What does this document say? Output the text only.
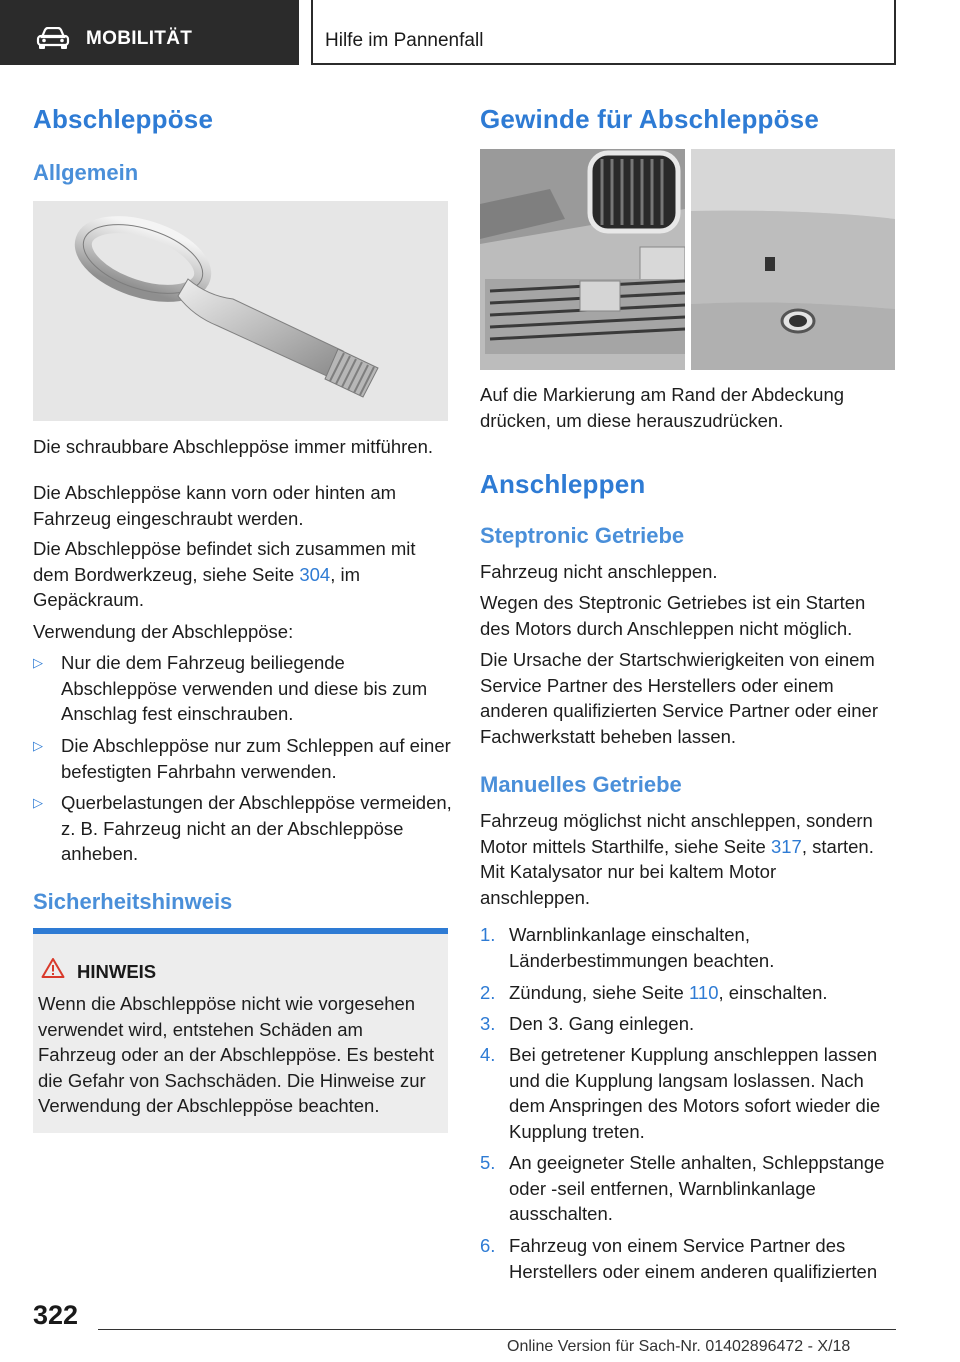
MOBILITÄT	Hilfe im Pannenfall
Abschleppöse
Allgemein
Die schraubbare Abschleppöse immer mitführen.
Die Abschleppöse kann vorn oder hinten am Fahrzeug eingeschraubt werden.
Die Abschleppöse befindet sich zusammen mit dem Bordwerkzeug, siehe Seite 304, im Gepäckraum.
Verwendung der Abschleppöse:
▷ Nur die dem Fahrzeug beiliegende Abschleppöse verwenden und diese bis zum Anschlag fest einschrauben.
▷ Die Abschleppöse nur zum Schleppen auf einer befestigten Fahrbahn verwenden.
▷ Querbelastungen der Abschleppöse vermeiden, z. B. Fahrzeug nicht an der Abschleppöse anheben.
Sicherheitshinweis
HINWEIS
Wenn die Abschleppöse nicht wie vorgesehen verwendet wird, entstehen Schäden am Fahrzeug oder an der Abschleppöse. Es besteht die Gefahr von Sachschäden. Die Hinweise zur Verwendung der Abschleppöse beachten.
Gewinde für Abschleppöse
Auf die Markierung am Rand der Abdeckung drücken, um diese herauszudrücken.
Anschleppen
Steptronic Getriebe
Fahrzeug nicht anschleppen.
Wegen des Steptronic Getriebes ist ein Starten des Motors durch Anschleppen nicht möglich.
Die Ursache der Startschwierigkeiten von einem Service Partner des Herstellers oder einem anderen qualifizierten Service Partner oder einer Fachwerkstatt beheben lassen.
Manuelles Getriebe
Fahrzeug möglichst nicht anschleppen, sondern Motor mittels Starthilfe, siehe Seite 317, starten.
Mit Katalysator nur bei kaltem Motor anschleppen.
1. Warnblinkanlage einschalten, Länderbestimmungen beachten.
2. Zündung, siehe Seite 110, einschalten.
3. Den 3. Gang einlegen.
4. Bei getretener Kupplung anschleppen lassen und die Kupplung langsam loslassen. Nach dem Anspringen des Motors sofort wieder die Kupplung treten.
5. An geeigneter Stelle anhalten, Schleppstange oder -seil entfernen, Warnblinkanlage ausschalten.
6. Fahrzeug von einem Service Partner des Herstellers oder einem anderen qualifizierten
322
Online Version für Sach-Nr. 01402896472 - X/18
